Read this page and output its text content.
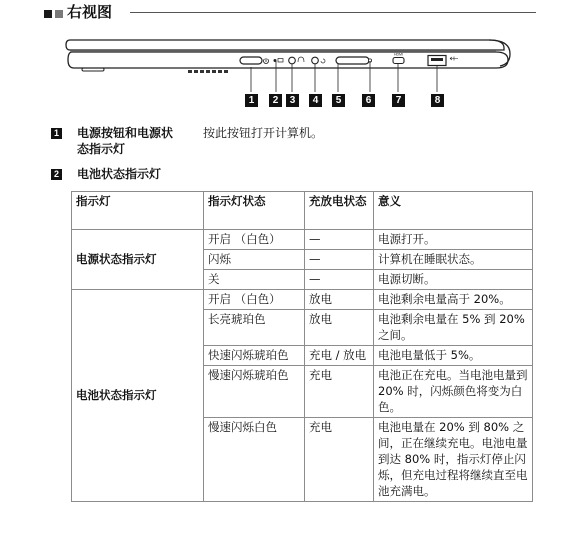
右视图
HDMI
1	2	3	4	5	6	7	8
1 电源按钮和电源状
态指示灯
按此按钮打开计算机。
2 电池状态指示灯
指示灯	指示灯状态	充放电状态	意义
电源状态指示灯	开启 （白色）	—	电源打开。
	闪烁	—	计算机在睡眠状态。
	关	—	电源切断。
电池状态指示灯	开启 （白色）	放电	电池剩余电量高于 20%。
	长亮琥珀色	放电	电池剩余电量在 5% 到 20% 之间。
	快速闪烁琥珀色	充电 / 放电	电池电量低于 5%。
	慢速闪烁琥珀色	充电	电池正在充电。当电池电量到 20% 时，闪烁颜色将变为白色。
	慢速闪烁白色	充电	电池电量在 20% 到 80% 之间，正在继续充电。电池电量到达 80% 时，指示灯停止闪烁，但充电过程将继续直至电池充满电。
